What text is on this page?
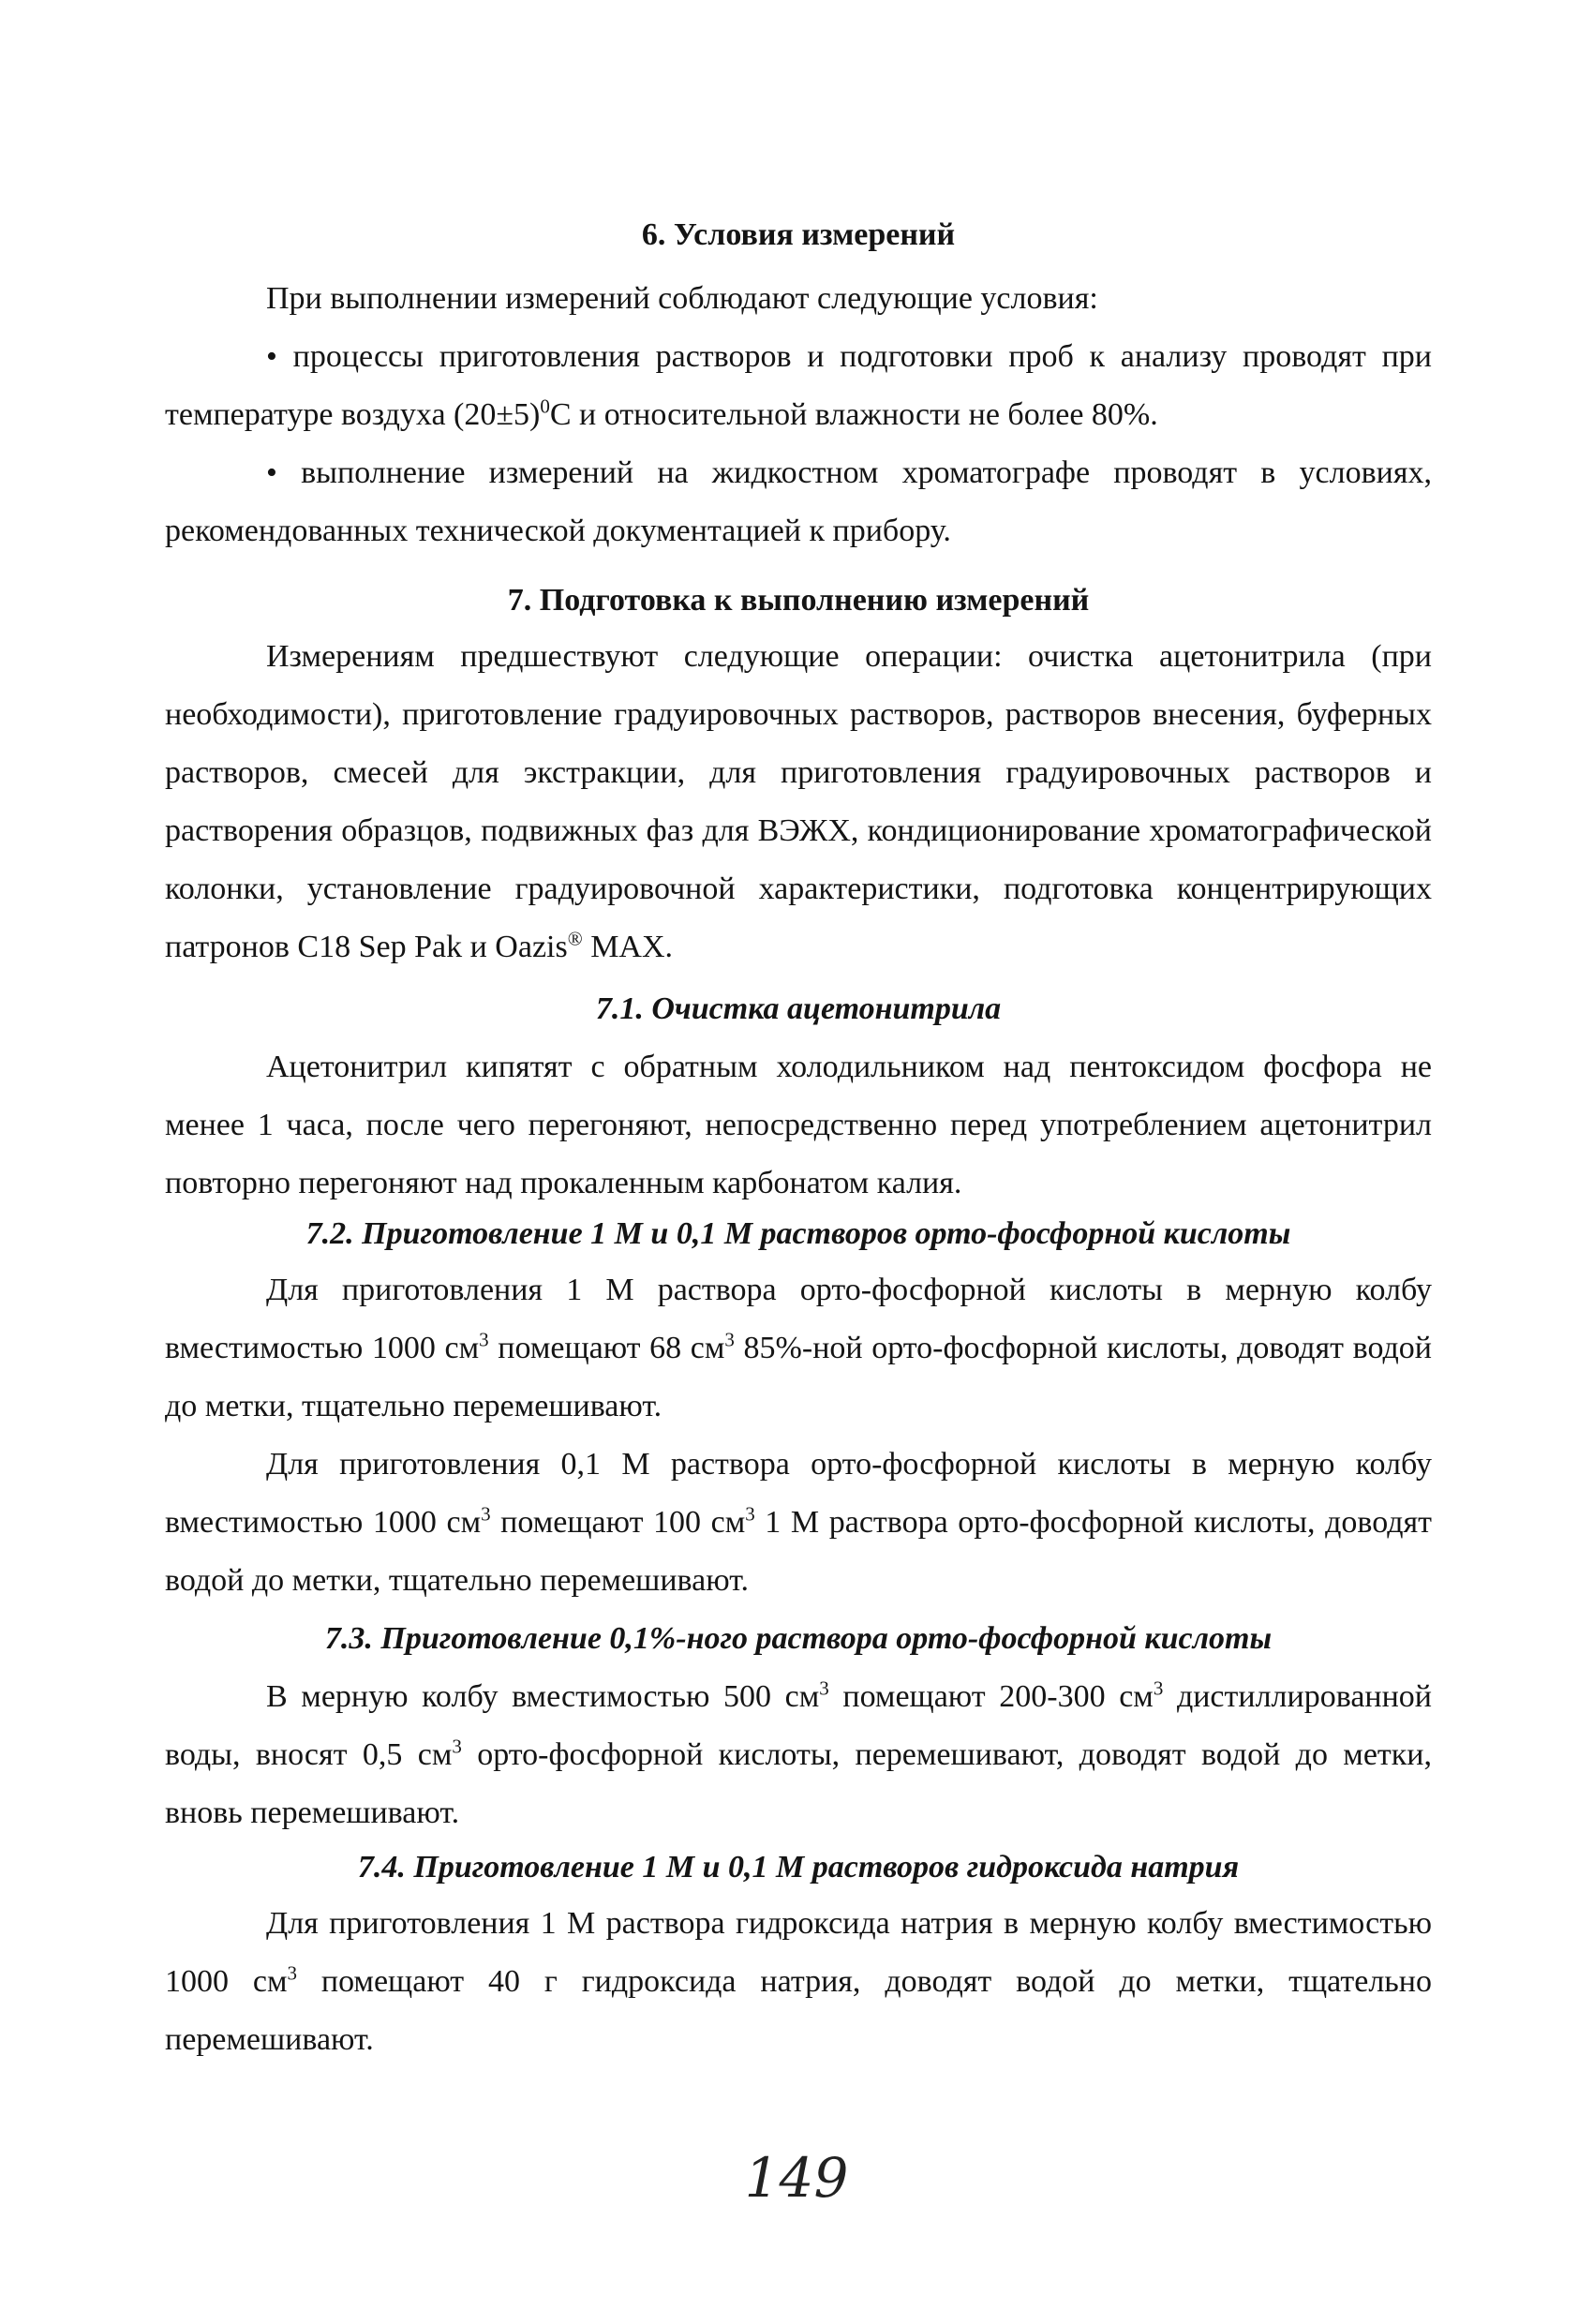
6. Условия измерений

При выполнении измерений соблюдают следующие условия:

• процессы приготовления растворов и подготовки проб к анализу проводят при температуре воздуха $(20\pm 5)^0C$ и относительной влажности не более 80%.

• выполнение измерений на жидкостном хроматографе проводят в условиях, рекомендованных технической документацией к прибору.

7. Подготовка к выполнению измерений

Измерениям предшествуют следующие операции: очистка ацетонитрила (при необходимости), приготовление градуировочных растворов, растворов внесения, буферных растворов, смесей для экстракции, для приготовления градуировочных растворов и растворения образцов, подвижных фаз для ВЭЖХ, кондиционирование хроматографической колонки, установление градуировочной характеристики, подготовка концентрирующих патронов C18 Sep Pak и Oazis® MAX.

7.1. Очистка ацетонитрила

Ацетонитрил кипятят с обратным холодильником над пентоксидом фосфора не менее 1 часа, после чего перегоняют, непосредственно перед употреблением ацетонитрил повторно перегоняют над прокаленным карбонатом калия.

7.2. Приготовление 1 М и 0,1 М растворов орто-фосфорной кислоты

Для приготовления 1 М раствора орто-фосфорной кислоты в мерную колбу вместимостью 1000 $см^3$ помещают 68 $см^3$ 85%-ной орто-фосфорной кислоты, доводят водой до метки, тщательно перемешивают.

Для приготовления 0,1 М раствора орто-фосфорной кислоты в мерную колбу вместимостью 1000 $см^3$ помещают 100 $см^3$ 1 М раствора орто-фосфорной кислоты, доводят водой до метки, тщательно перемешивают.

7.3. Приготовление 0,1%-ного раствора орто-фосфорной кислоты

В мерную колбу вместимостью 500 $см^3$ помещают 200-300 $см^3$ дистиллированной воды, вносят 0,5 $см^3$ орто-фосфорной кислоты, перемешивают, доводят водой до метки, вновь перемешивают.

7.4. Приготовление 1 М и 0,1 М растворов гидроксида натрия

Для приготовления 1 М раствора гидроксида натрия в мерную колбу вместимостью 1000 $см^3$ помещают 40 г гидроксида натрия, доводят водой до метки, тщательно перемешивают.

149
